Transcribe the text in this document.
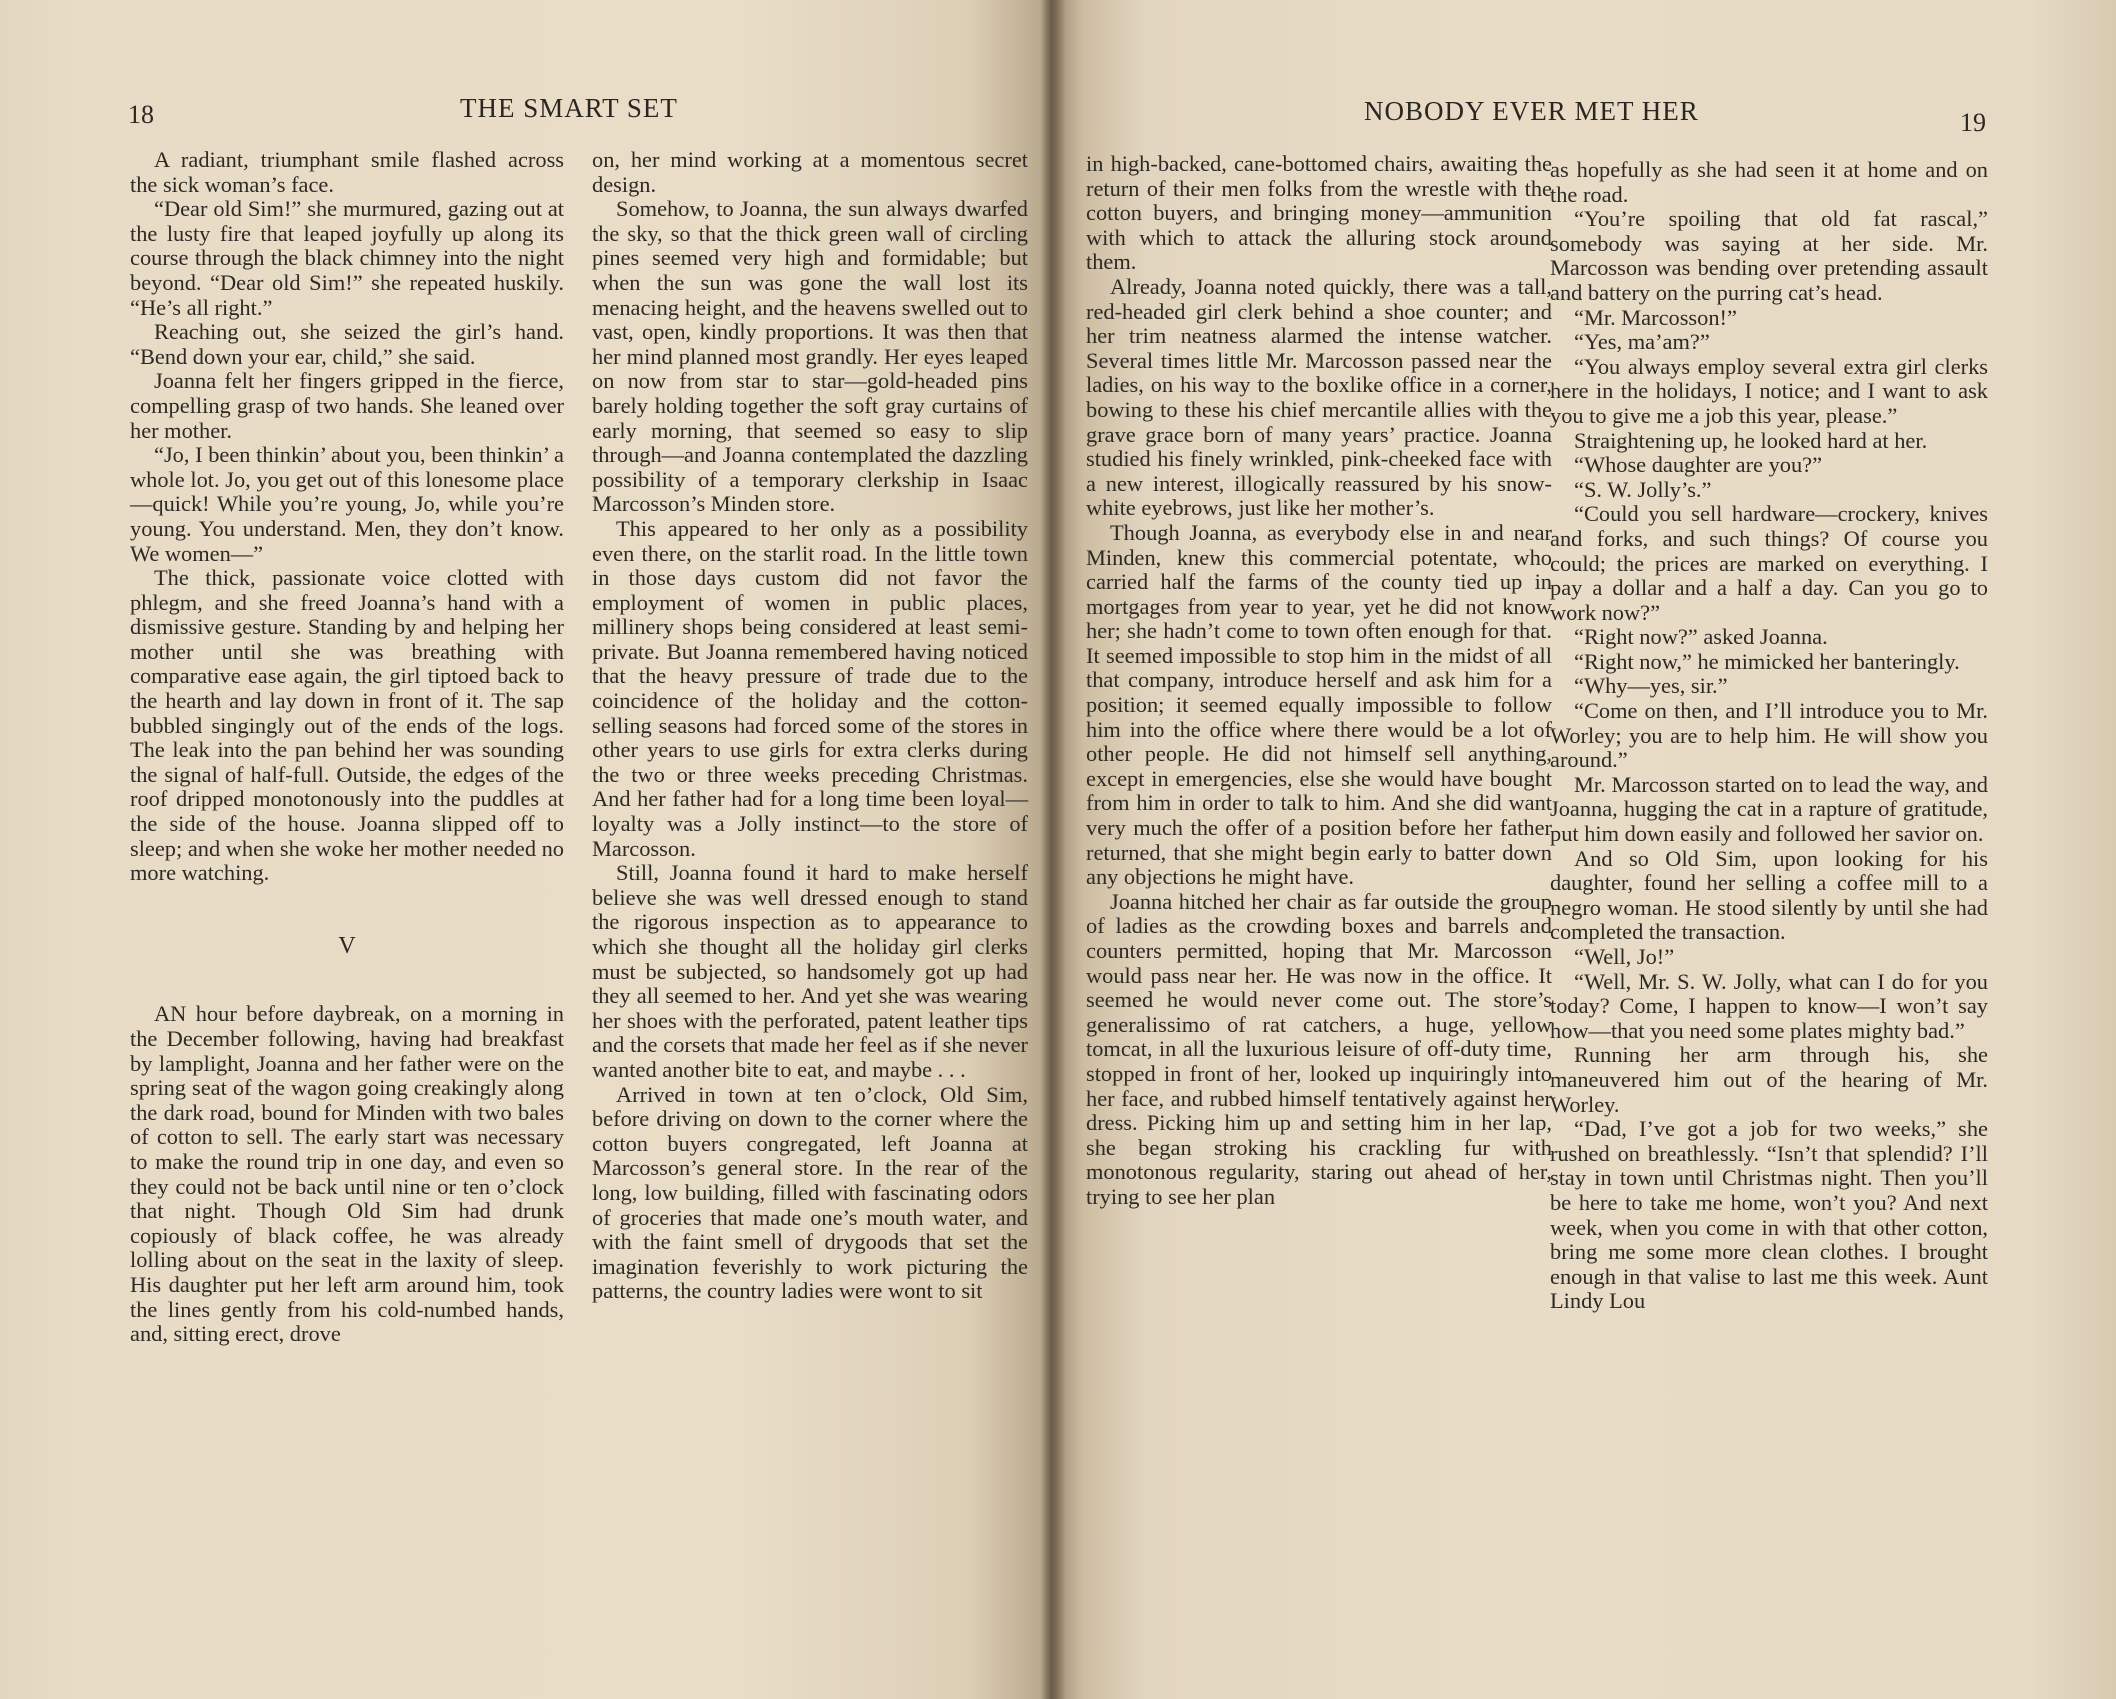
18	THE SMART SET

A radiant, triumphant smile flashed across the sick woman’s face.

“Dear old Sim!” she murmured, gazing out at the lusty fire that leaped joyfully up along its course through the black chimney into the night beyond. “Dear old Sim!” she repeated huskily. “He’s all right.”

Reaching out, she seized the girl’s hand. “Bend down your ear, child,” she said.

Joanna felt her fingers gripped in the fierce, compelling grasp of two hands. She leaned over her mother.

“Jo, I been thinkin’ about you, been thinkin’ a whole lot. Jo, you get out of this lonesome place—quick! While you’re young, Jo, while you’re young. You understand. Men, they don’t know. We women—”

The thick, passionate voice clotted with phlegm, and she freed Joanna’s hand with a dismissive gesture. Standing by and helping her mother until she was breathing with comparative ease again, the girl tiptoed back to the hearth and lay down in front of it. The sap bubbled singingly out of the ends of the logs. The leak into the pan behind her was sounding the signal of half-full. Outside, the edges of the roof dripped monotonously into the puddles at the side of the house. Joanna slipped off to sleep; and when she woke her mother needed no more watching.

V

AN hour before daybreak, on a morning in the December following, having had breakfast by lamplight, Joanna and her father were on the spring seat of the wagon going creakingly along the dark road, bound for Minden with two bales of cotton to sell. The early start was necessary to make the round trip in one day, and even so they could not be back until nine or ten o’clock that night. Though Old Sim had drunk copiously of black coffee, he was already lolling about on the seat in the laxity of sleep. His daughter put her left arm around him, took the lines gently from his cold-numbed hands, and, sitting erect, drove

on, her mind working at a momentous secret design.

Somehow, to Joanna, the sun always dwarfed the sky, so that the thick green wall of circling pines seemed very high and formidable; but when the sun was gone the wall lost its menacing height, and the heavens swelled out to vast, open, kindly proportions. It was then that her mind planned most grandly. Her eyes leaped on now from star to star—gold-headed pins barely holding together the soft gray curtains of early morning, that seemed so easy to slip through—and Joanna contemplated the dazzling possibility of a temporary clerkship in Isaac Marcosson’s Minden store.

This appeared to her only as a possibility even there, on the starlit road. In the little town in those days custom did not favor the employment of women in public places, millinery shops being considered at least semi-private. But Joanna remembered having noticed that the heavy pressure of trade due to the coincidence of the holiday and the cotton-selling seasons had forced some of the stores in other years to use girls for extra clerks during the two or three weeks preceding Christmas. And her father had for a long time been loyal—loyalty was a Jolly instinct—to the store of Marcosson.

Still, Joanna found it hard to make herself believe she was well dressed enough to stand the rigorous inspection as to appearance to which she thought all the holiday girl clerks must be subjected, so handsomely got up had they all seemed to her. And yet she was wearing her shoes with the perforated, patent leather tips and the corsets that made her feel as if she never wanted another bite to eat, and maybe . . .

Arrived in town at ten o’clock, Old Sim, before driving on down to the corner where the cotton buyers congregated, left Joanna at Marcosson’s general store. In the rear of the long, low building, filled with fascinating odors of groceries that made one’s mouth water, and with the faint smell of drygoods that set the imagination feverishly to work picturing the patterns, the country ladies were wont to sit

NOBODY EVER MET HER	19

in high-backed, cane-bottomed chairs, awaiting the return of their men folks from the wrestle with the cotton buyers, and bringing money—ammunition with which to attack the alluring stock around them.

Already, Joanna noted quickly, there was a tall, red-headed girl clerk behind a shoe counter; and her trim neatness alarmed the intense watcher. Several times little Mr. Marcosson passed near the ladies, on his way to the boxlike office in a corner, bowing to these his chief mercantile allies with the grave grace born of many years’ practice. Joanna studied his finely wrinkled, pink-cheeked face with a new interest, illogically reassured by his snow-white eyebrows, just like her mother’s.

Though Joanna, as everybody else in and near Minden, knew this commercial potentate, who carried half the farms of the county tied up in mortgages from year to year, yet he did not know her; she hadn’t come to town often enough for that. It seemed impossible to stop him in the midst of all that company, introduce herself and ask him for a position; it seemed equally impossible to follow him into the office where there would be a lot of other people. He did not himself sell anything, except in emergencies, else she would have bought from him in order to talk to him. And she did want very much the offer of a position before her father returned, that she might begin early to batter down any objections he might have.

Joanna hitched her chair as far outside the group of ladies as the crowding boxes and barrels and counters permitted, hoping that Mr. Marcosson would pass near her. He was now in the office. It seemed he would never come out. The store’s generalissimo of rat catchers, a huge, yellow tomcat, in all the luxurious leisure of off-duty time, stopped in front of her, looked up inquiringly into her face, and rubbed himself tentatively against her dress. Picking him up and setting him in her lap, she began stroking his crackling fur with monotonous regularity, staring out ahead of her, trying to see her plan

as hopefully as she had seen it at home and on the road.

“You’re spoiling that old fat rascal,” somebody was saying at her side. Mr. Marcosson was bending over pretending assault and battery on the purring cat’s head.

“Mr. Marcosson!”

“Yes, ma’am?”

“You always employ several extra girl clerks here in the holidays, I notice; and I want to ask you to give me a job this year, please.”

Straightening up, he looked hard at her.

“Whose daughter are you?”

“S. W. Jolly’s.”

“Could you sell hardware—crockery, knives and forks, and such things? Of course you could; the prices are marked on everything. I pay a dollar and a half a day. Can you go to work now?”

“Right now?” asked Joanna.

“Right now,” he mimicked her banteringly.

“Why—yes, sir.”

“Come on then, and I’ll introduce you to Mr. Worley; you are to help him. He will show you around.”

Mr. Marcosson started on to lead the way, and Joanna, hugging the cat in a rapture of gratitude, put him down easily and followed her savior on.

And so Old Sim, upon looking for his daughter, found her selling a coffee mill to a negro woman. He stood silently by until she had completed the transaction.

“Well, Jo!”

“Well, Mr. S. W. Jolly, what can I do for you today? Come, I happen to know—I won’t say how—that you need some plates mighty bad.”

Running her arm through his, she maneuvered him out of the hearing of Mr. Worley.

“Dad, I’ve got a job for two weeks,” she rushed on breathlessly. “Isn’t that splendid? I’ll stay in town until Christmas night. Then you’ll be here to take me home, won’t you? And next week, when you come in with that other cotton, bring me some more clean clothes. I brought enough in that valise to last me this week. Aunt Lindy Lou
